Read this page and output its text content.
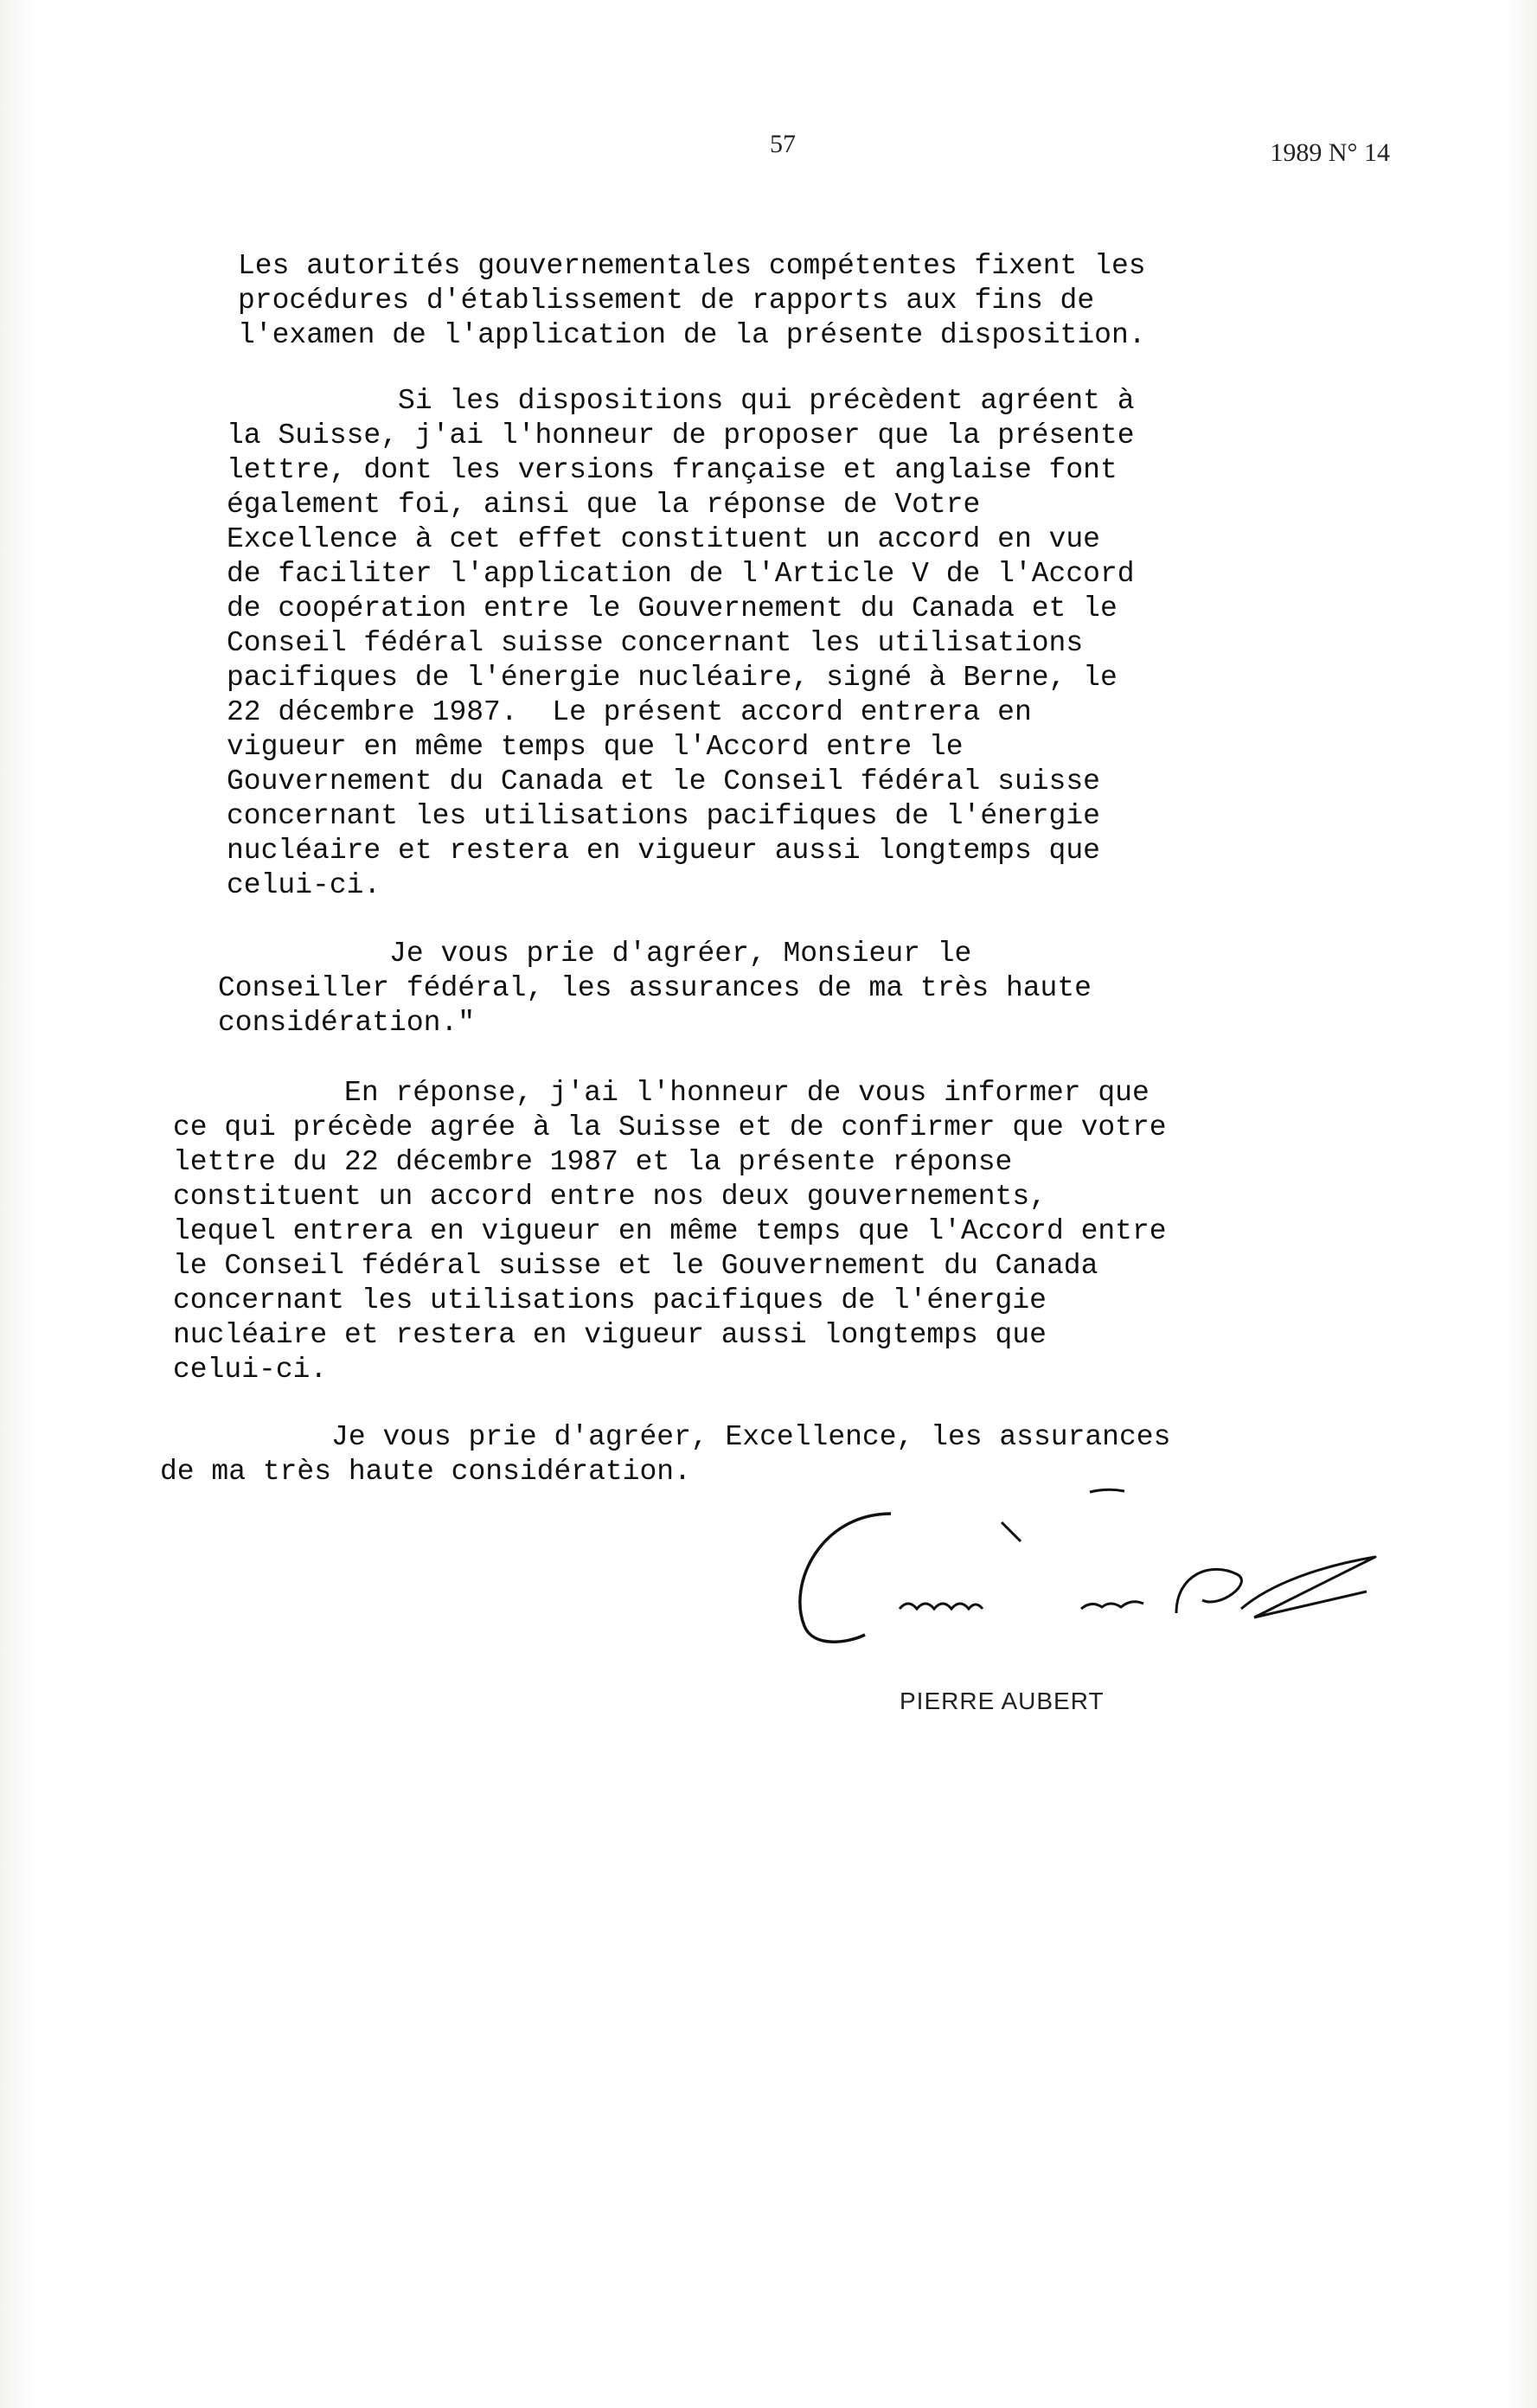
57	1989 N° 14
Les autorités gouvernementales compétentes fixent les
procédures d'établissement de rapports aux fins de
l'examen de l'application de la présente disposition.
Si les dispositions qui précèdent agréent à
la Suisse, j'ai l'honneur de proposer que la présente
lettre, dont les versions française et anglaise font
également foi, ainsi que la réponse de Votre
Excellence à cet effet constituent un accord en vue
de faciliter l'application de l'Article V de l'Accord
de coopération entre le Gouvernement du Canada et le
Conseil fédéral suisse concernant les utilisations
pacifiques de l'énergie nucléaire, signé à Berne, le
22 décembre 1987.  Le présent accord entrera en
vigueur en même temps que l'Accord entre le
Gouvernement du Canada et le Conseil fédéral suisse
concernant les utilisations pacifiques de l'énergie
nucléaire et restera en vigueur aussi longtemps que
celui-ci.
Je vous prie d'agréer, Monsieur le
Conseiller fédéral, les assurances de ma très haute
considération."
En réponse, j'ai l'honneur de vous informer que
ce qui précède agrée à la Suisse et de confirmer que votre
lettre du 22 décembre 1987 et la présente réponse
constituent un accord entre nos deux gouvernements,
lequel entrera en vigueur en même temps que l'Accord entre
le Conseil fédéral suisse et le Gouvernement du Canada
concernant les utilisations pacifiques de l'énergie
nucléaire et restera en vigueur aussi longtemps que
celui-ci.
Je vous prie d'agréer, Excellence, les assurances
de ma très haute considération.
PIERRE AUBERT
